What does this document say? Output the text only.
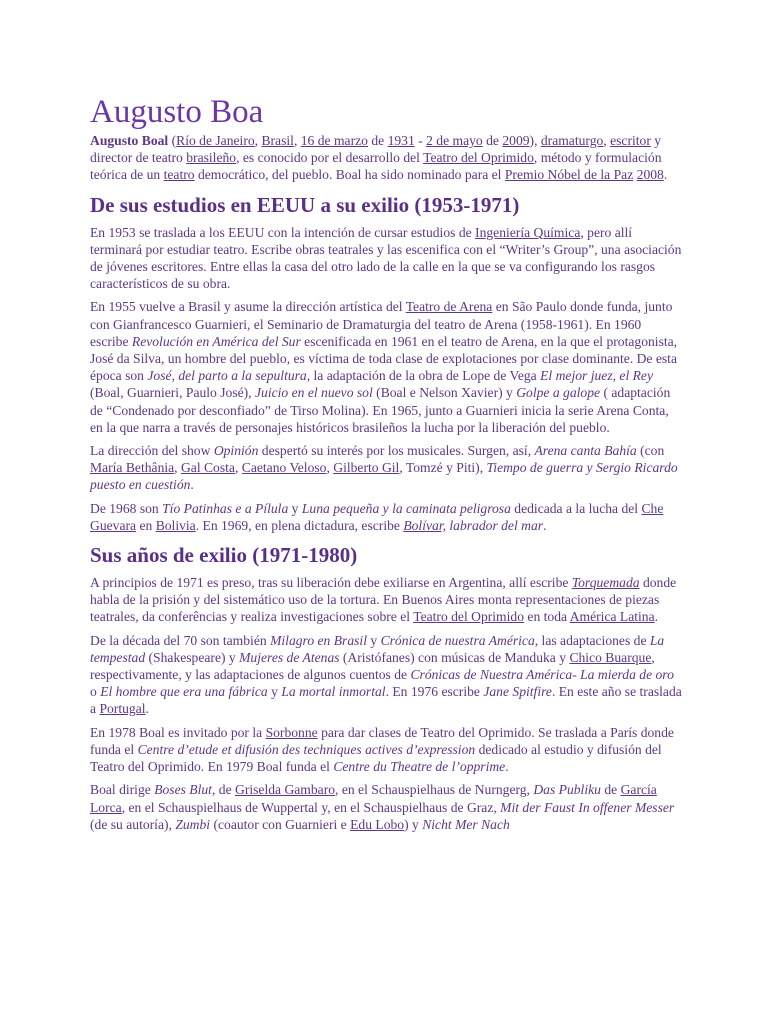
Augusto Boa

Augusto Boal (Río de Janeiro, Brasil, 16 de marzo de 1931 - 2 de mayo de 2009), dramaturgo, escritor y director de teatro brasileño, es conocido por el desarrollo del Teatro del Oprimido, método y formulación teórica de un teatro democrático, del pueblo. Boal ha sido nominado para el Premio Nóbel de la Paz 2008.

De sus estudios en EEUU a su exilio (1953-1971)

En 1953 se traslada a los EEUU con la intención de cursar estudios de Ingeniería Química, pero allí terminará por estudiar teatro. Escribe obras teatrales y las escenifica con el “Writer’s Group”, una asociación de jóvenes escritores. Entre ellas la casa del otro lado de la calle en la que se va configurando los rasgos característicos de su obra.

En 1955 vuelve a Brasil y asume la dirección artística del Teatro de Arena en São Paulo donde funda, junto con Gianfrancesco Guarnieri, el Seminario de Dramaturgia del teatro de Arena (1958-1961). En 1960 escribe Revolución en América del Sur escenificada en 1961 en el teatro de Arena, en la que el protagonista, José da Silva, un hombre del pueblo, es víctima de toda clase de explotaciones por clase dominante. De esta época son José, del parto a la sepultura, la adaptación de la obra de Lope de Vega El mejor juez, el Rey (Boal, Guarnieri, Paulo José), Juicio en el nuevo sol (Boal e Nelson Xavier) y Golpe a galope ( adaptación de “Condenado por desconfiado” de Tirso Molina). En 1965, junto a Guarnieri inicia la serie Arena Conta, en la que narra a través de personajes históricos brasileños la lucha por la liberación del pueblo.

La dirección del show Opinión despertó su interés por los musicales. Surgen, así, Arena canta Bahía (con María Bethânia, Gal Costa, Caetano Veloso, Gilberto Gil, Tomzé y Piti), Tiempo de guerra y Sergio Ricardo puesto en cuestión.

De 1968 son Tío Patinhas e a Pílula y Luna pequeña y la caminata peligrosa dedicada a la lucha del Che Guevara en Bolivia. En 1969, en plena dictadura, escribe Bolívar, labrador del mar.

Sus años de exilio (1971-1980)

A principios de 1971 es preso, tras su liberación debe exiliarse en Argentina, allí escribe Torquemada donde habla de la prisión y del sistemático uso de la tortura. En Buenos Aires monta representaciones de piezas teatrales, da conferências y realiza investigaciones sobre el Teatro del Oprimido en toda América Latina.

De la década del 70 son también Milagro en Brasil y Crónica de nuestra América, las adaptaciones de La tempestad (Shakespeare) y Mujeres de Atenas (Aristófanes) con músicas de Manduka y Chico Buarque, respectivamente, y las adaptaciones de algunos cuentos de Crónicas de Nuestra América- La mierda de oro o El hombre que era una fábrica y La mortal inmortal. En 1976 escribe Jane Spitfire. En este año se traslada a Portugal.

En 1978 Boal es invitado por la Sorbonne para dar clases de Teatro del Oprimido. Se traslada a París donde funda el Centre d’etude et difusión des techniques actives d’expression dedicado al estudio y difusión del Teatro del Oprimido. En 1979 Boal funda el Centre du Theatre de l’opprime.

Boal dirige Boses Blut, de Griselda Gambaro, en el Schauspielhaus de Nurngerg, Das Publiku de García Lorca, en el Schauspielhaus de Wuppertal y, en el Schauspielhaus de Graz, Mit der Faust In offener Messer (de su autoría), Zumbi (coautor con Guarnieri e Edu Lobo) y Nicht Mer Nach
